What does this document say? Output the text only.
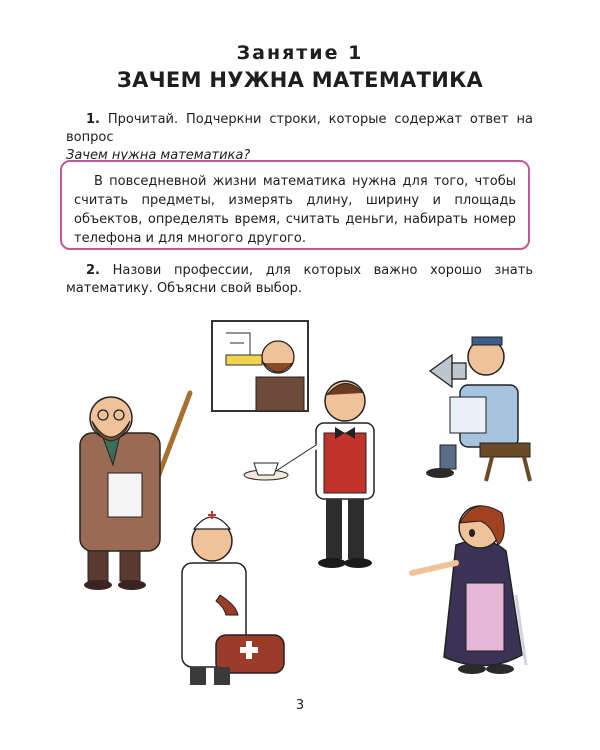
Занятие 1
ЗАЧЕМ НУЖНА МАТЕМАТИКА
1. Прочитай. Подчеркни строки, которые содержат ответ на вопрос
Зачем нужна математика?

В повседневной жизни математика нужна для того, чтобы считать предметы, измерять длину, ширину и площадь объектов, определять время, считать деньги, набирать номер телефона и для многого другого.

2. Назови профессии, для которых важно хорошо знать математику. Объясни свой выбор.

3
